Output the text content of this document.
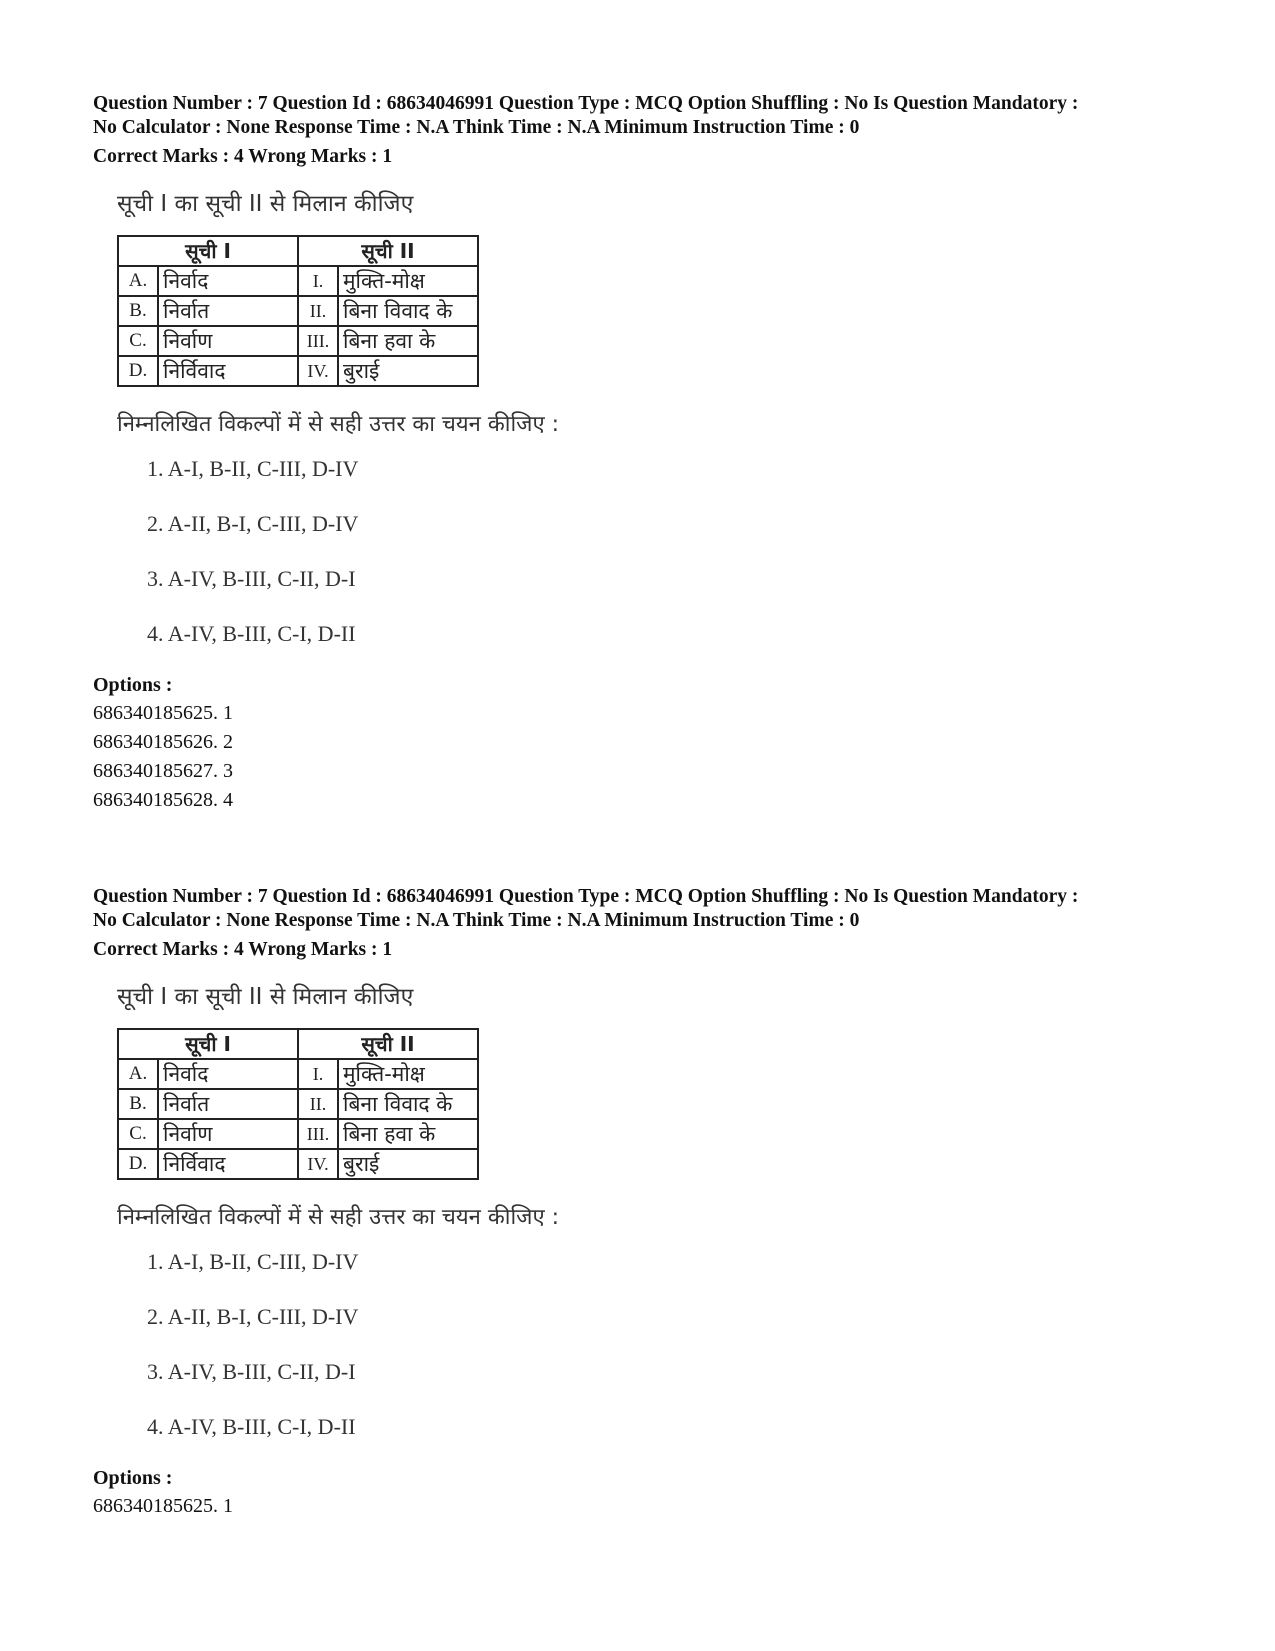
Question Number : 7 Question Id : 68634046991 Question Type : MCQ Option Shuffling : No Is Question Mandatory :

No Calculator : None Response Time : N.A Think Time : N.A Minimum Instruction Time : 0

Correct Marks : 4 Wrong Marks : 1

सूची I का सूची II से मिलान कीजिए
सूची I		सूची II	
A.	निर्वाद	I.	मुक्ति-मोक्ष
B.	निर्वात	II.	बिना विवाद के
C.	निर्वाण	III.	बिना हवा के
D.	निर्विवाद	IV.	बुराई
निम्नलिखित विकल्पों में से सही उत्तर का चयन कीजिए :
1. A-I, B-II, C-III, D-IV
2. A-II, B-I, C-III, D-IV
3. A-IV, B-III, C-II, D-I
4. A-IV, B-III, C-I, D-II
Options :
686340185625. 1
686340185626. 2
686340185627. 3
686340185628. 4

Question Number : 7 Question Id : 68634046991 Question Type : MCQ Option Shuffling : No Is Question Mandatory :

No Calculator : None Response Time : N.A Think Time : N.A Minimum Instruction Time : 0

Correct Marks : 4 Wrong Marks : 1

सूची I का सूची II से मिलान कीजिए
सूची I		सूची II	
A.	निर्वाद	I.	मुक्ति-मोक्ष
B.	निर्वात	II.	बिना विवाद के
C.	निर्वाण	III.	बिना हवा के
D.	निर्विवाद	IV.	बुराई
निम्नलिखित विकल्पों में से सही उत्तर का चयन कीजिए :
1. A-I, B-II, C-III, D-IV
2. A-II, B-I, C-III, D-IV
3. A-IV, B-III, C-II, D-I
4. A-IV, B-III, C-I, D-II
Options :
686340185625. 1
